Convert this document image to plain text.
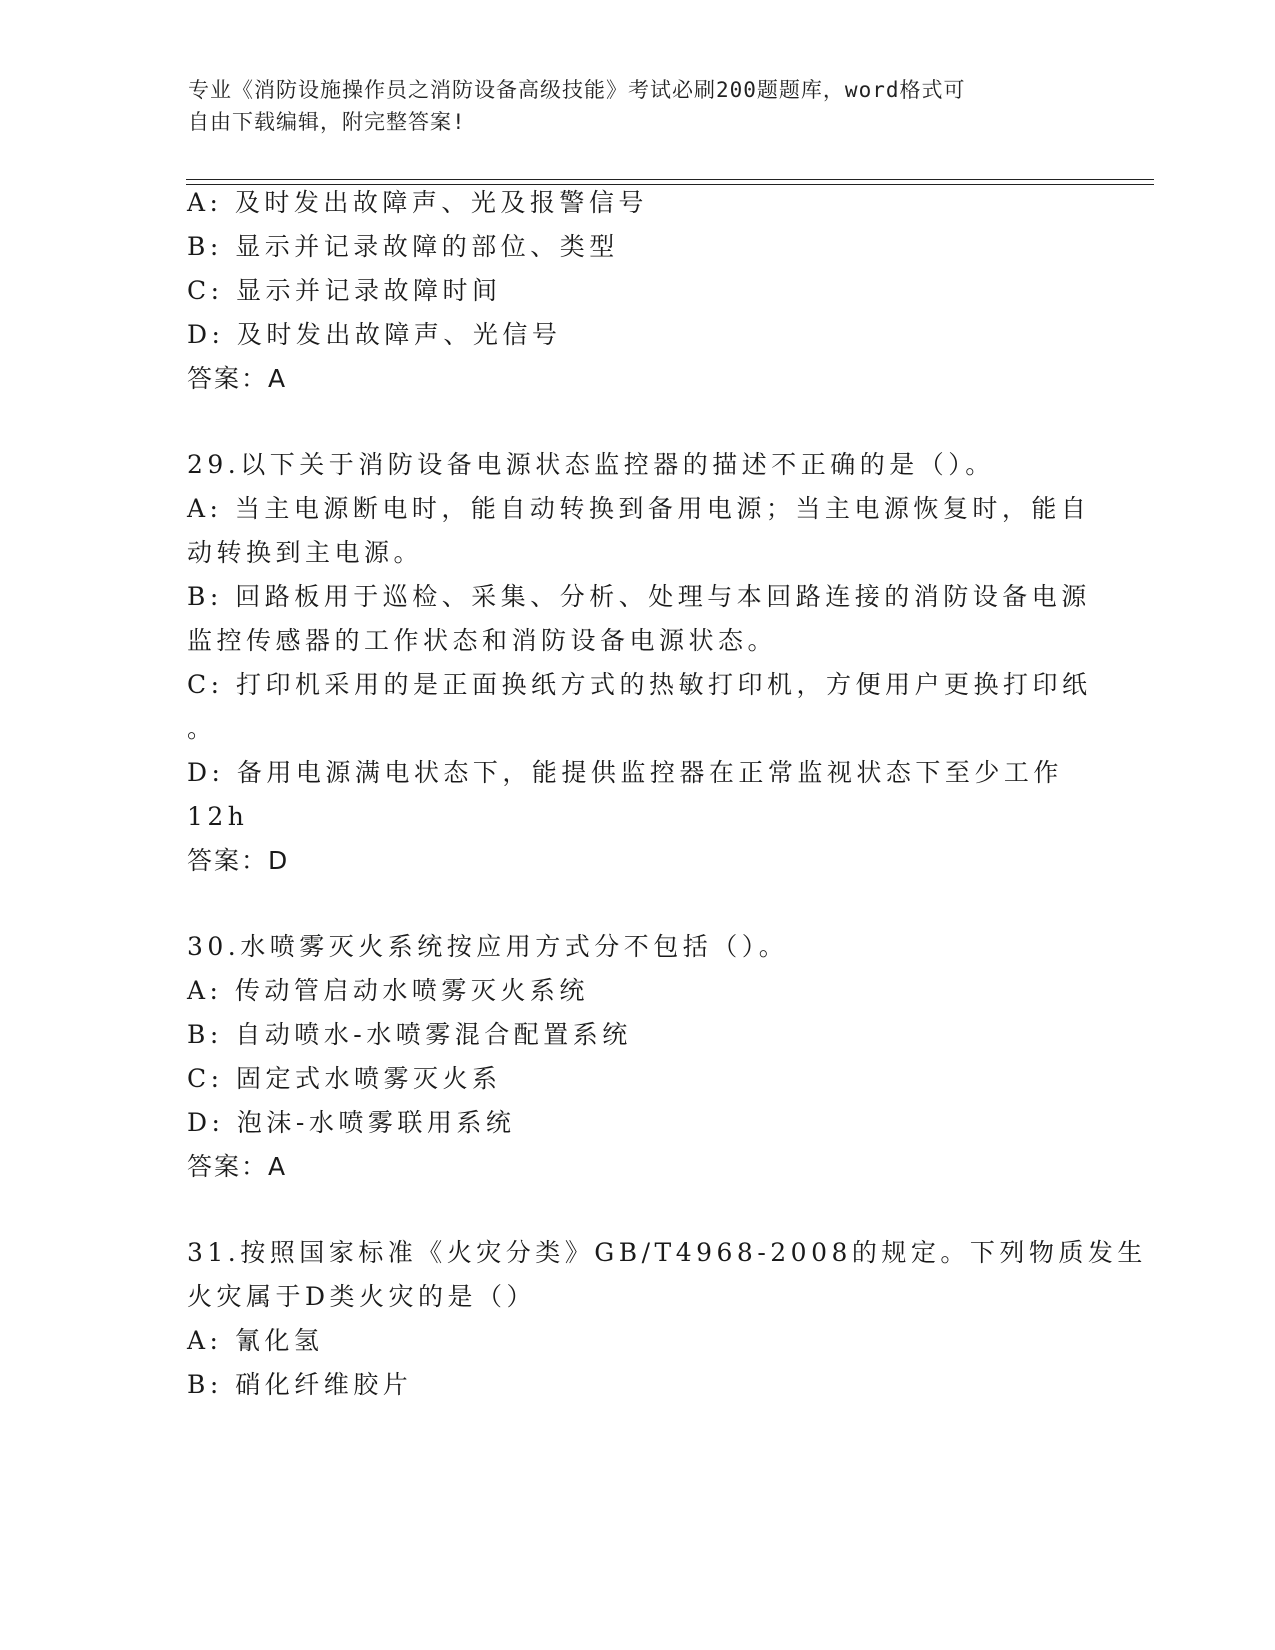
专业《消防设施操作员之消防设备高级技能》考试必刷200题题库，word格式可
自由下载编辑，附完整答案!
A: 及时发出故障声、光及报警信号
B: 显示并记录故障的部位、类型
C: 显示并记录故障时间
D: 及时发出故障声、光信号
答案：A
29.以下关于消防设备电源状态监控器的描述不正确的是（）。
A: 当主电源断电时，能自动转换到备用电源；当主电源恢复时，能自
动转换到主电源。
B: 回路板用于巡检、采集、分析、处理与本回路连接的消防设备电源
监控传感器的工作状态和消防设备电源状态。
C: 打印机采用的是正面换纸方式的热敏打印机，方便用户更换打印纸
。
D: 备用电源满电状态下，能提供监控器在正常监视状态下至少工作
12h
答案：D
30.水喷雾灭火系统按应用方式分不包括（）。
A: 传动管启动水喷雾灭火系统
B: 自动喷水-水喷雾混合配置系统
C: 固定式水喷雾灭火系
D: 泡沫-水喷雾联用系统
答案：A
31.按照国家标准《火灾分类》GB/T4968-2008的规定。下列物质发生
火灾属于D类火灾的是（）
A: 氰化氢
B: 硝化纤维胶片
